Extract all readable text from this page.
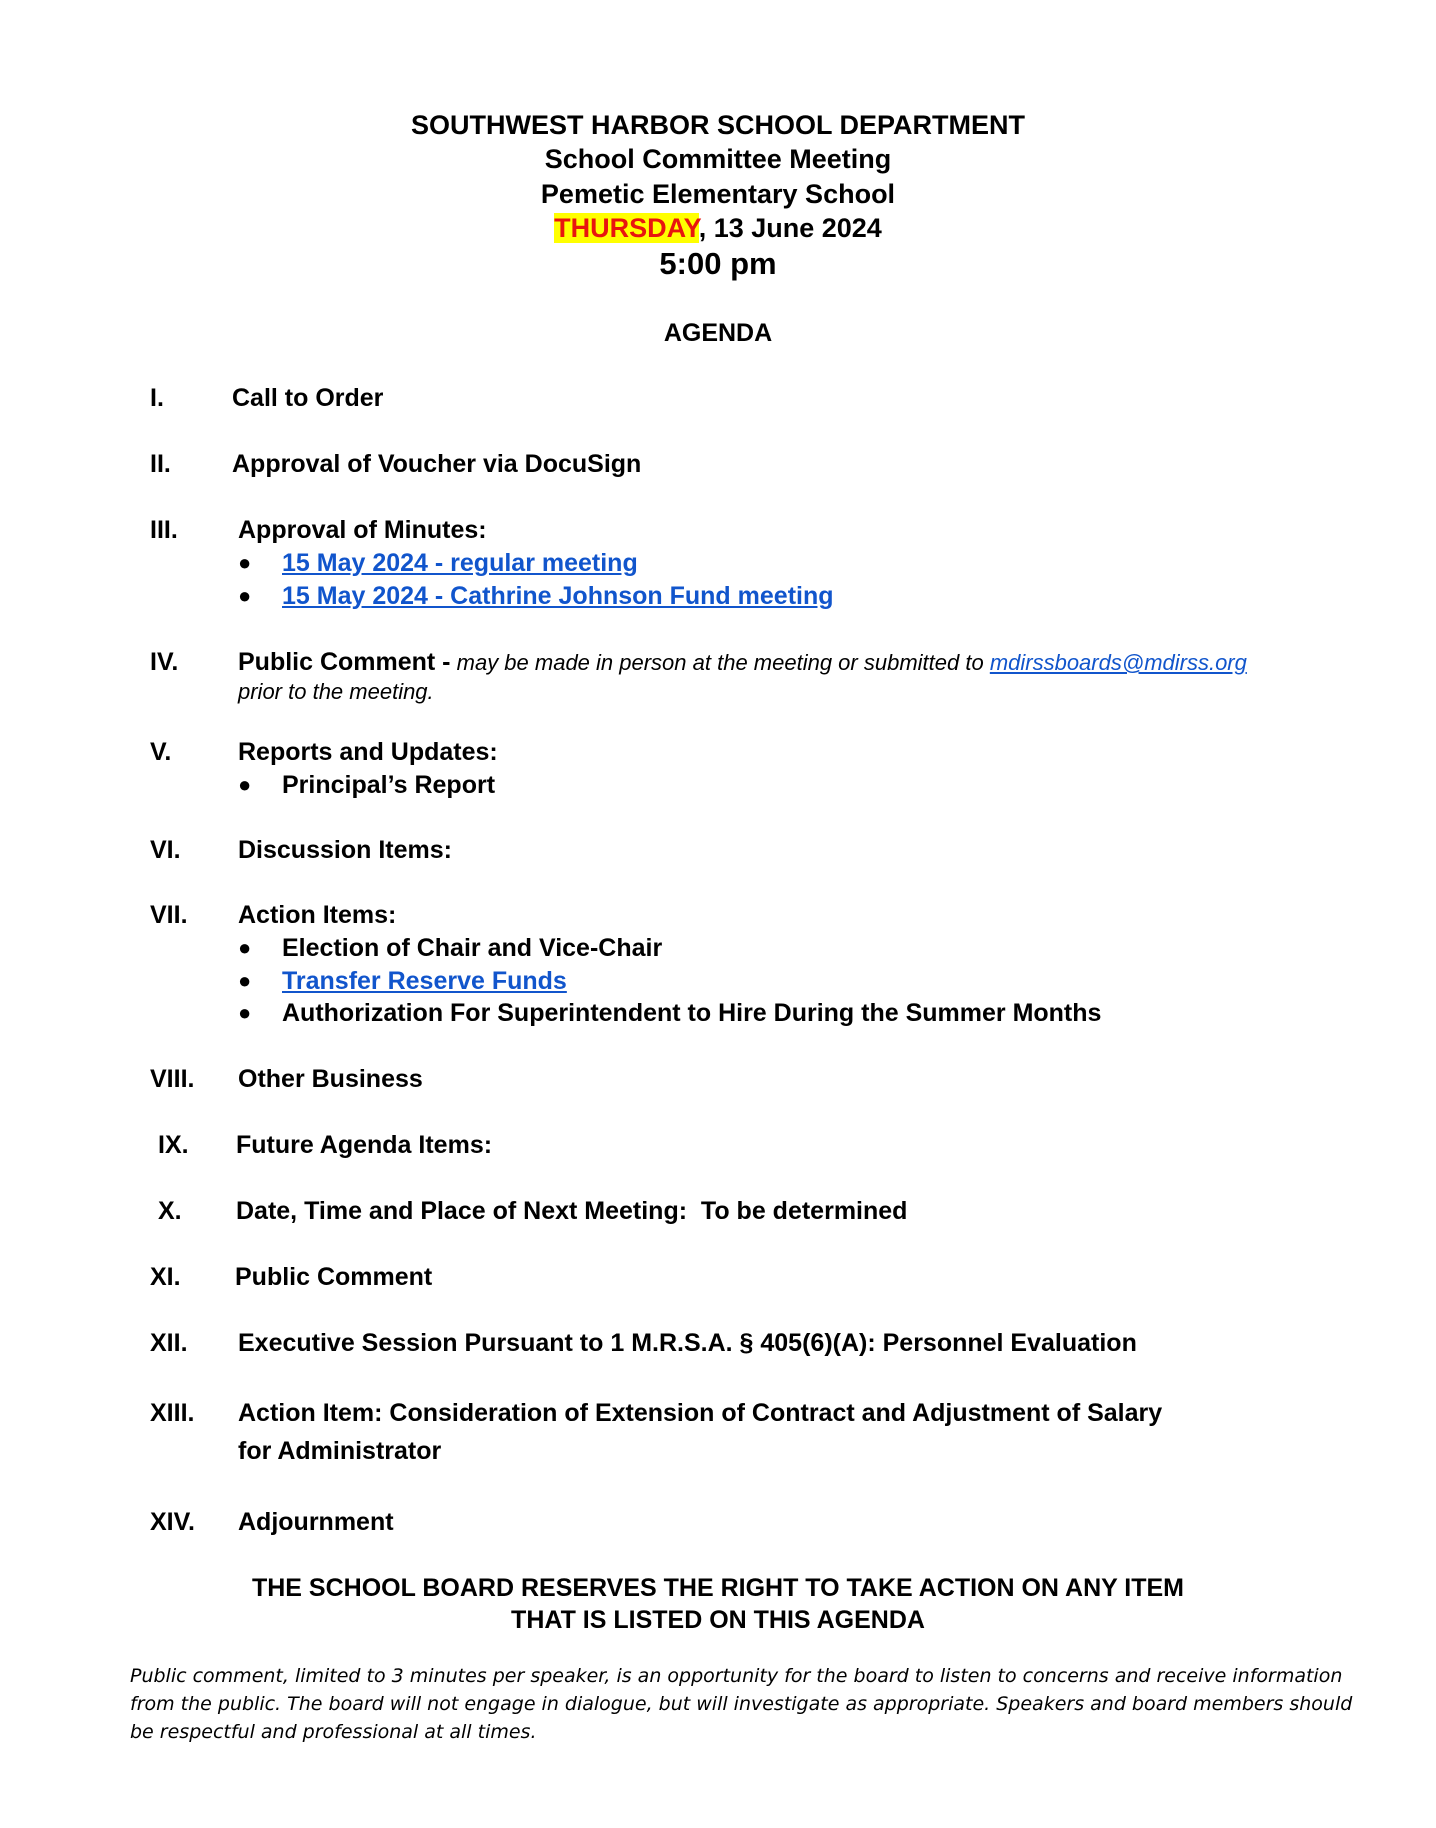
SOUTHWEST HARBOR SCHOOL DEPARTMENT
School Committee Meeting
Pemetic Elementary School
THURSDAY, 13 June 2024
5:00 pm
AGENDA
I.	Call to Order
II. Approval of Voucher via DocuSign
III. Approval of Minutes:
● 15 May 2024 - regular meeting
● 15 May 2024 - Cathrine Johnson Fund meeting
IV. Public Comment - may be made in person at the meeting or submitted to mdirssboards@mdirss.org
prior to the meeting.
V.	Reports and Updates:
● Principal’s Report
VI. Discussion Items:
VII. Action Items:
● Election of Chair and Vice-Chair
● Transfer Reserve Funds
● Authorization For Superintendent to Hire During the Summer Months
VIII. Other Business
IX. Future Agenda Items:
X. Date, Time and Place of Next Meeting:  To be determined
XI. Public Comment
XII. Executive Session Pursuant to 1 M.R.S.A. § 405(6)(A): Personnel Evaluation
XIII. Action Item: Consideration of Extension of Contract and Adjustment of Salary
for Administrator
XIV. Adjournment
THE SCHOOL BOARD RESERVES THE RIGHT TO TAKE ACTION ON ANY ITEM
THAT IS LISTED ON THIS AGENDA
Public comment, limited to 3 minutes per speaker, is an opportunity for the board to listen to concerns and receive information
from the public. The board will not engage in dialogue, but will investigate as appropriate. Speakers and board members should
be respectful and professional at all times.
